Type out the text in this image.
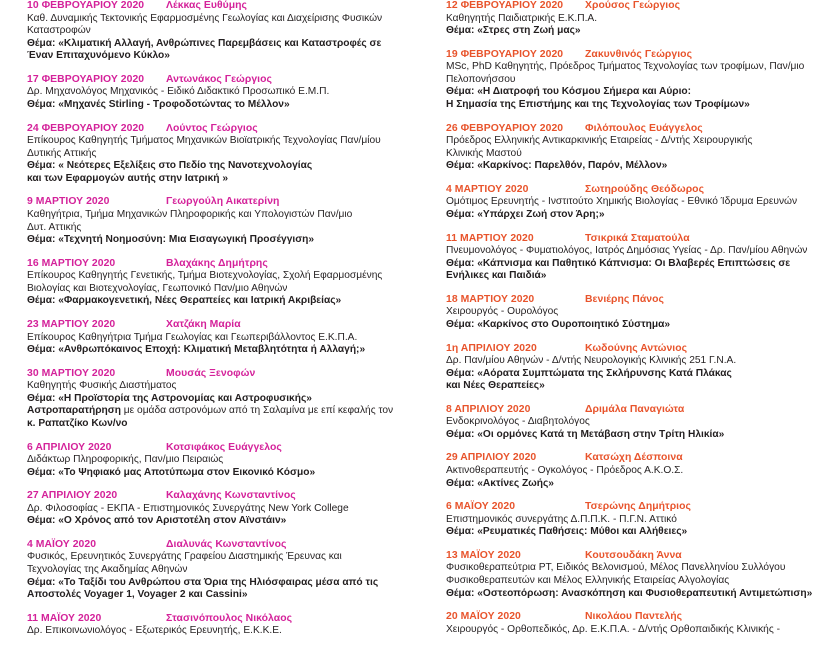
10 ΦΕΒΡΟΥΑΡΙΟΥ 2020	Λέκκας Ευθύμης
Καθ. Δυναμικής Τεκτονικής Εφαρμοσμένης Γεωλογίας και Διαχείρισης Φυσικών
Καταστροφών
Θέμα: «Κλιματική Αλλαγή, Ανθρώπινες Παρεμβάσεις και Καταστροφές σε
Έναν Επιταχυνόμενο Κύκλο»
17 ΦΕΒΡΟΥΑΡΙΟΥ 2020	Αντωνάκος Γεώργιος
Δρ. Μηχανολόγος Μηχανικός - Ειδικό Διδακτικό Προσωπικό Ε.Μ.Π.
Θέμα: «Μηχανές Stirling - Τροφοδοτώντας το Μέλλον»
24 ΦΕΒΡΟΥΑΡΙΟΥ 2020	Λούντος Γεώργιος
Επίκουρος Καθηγητής Τμήματος Μηχανικών Βιοϊατρικής Τεχνολογίας Παν/μίου
Δυτικής Αττικής
Θέμα: « Νεότερες Εξελίξεις στο Πεδίο της Νανοτεχνολογίας
και των Εφαρμογών αυτής στην Ιατρική »
9 ΜΑΡΤΙΟΥ 2020	Γεωργούλη Αικατερίνη
Καθηγήτρια, Τμήμα Μηχανικών Πληροφορικής και Υπολογιστών Παν/μιο
Δυτ. Αττικής
Θέμα: «Τεχνητή Νοημοσύνη: Μια Εισαγωγική Προσέγγιση»
16 ΜΑΡΤΙΟΥ 2020	Βλαχάκης Δημήτρης
Επίκουρος Καθηγητής Γενετικής, Τμήμα Βιοτεχνολογίας, Σχολή Εφαρμοσμένης
Βιολογίας και Βιοτεχνολογίας, Γεωπονικό Παν/μιο Αθηνών
Θέμα: «Φαρμακογενετική, Νέες Θεραπείες και Ιατρική Ακριβείας»
23 ΜΑΡΤΙΟΥ 2020	Χατζάκη Μαρία
Επίκουρος Καθηγήτρια Τμήμα Γεωλογίας και Γεωπεριβάλλοντος Ε.Κ.Π.Α.
Θέμα: «Ανθρωπόκαινος Εποχή: Κλιματική Μεταβλητότητα ή Αλλαγή;»
30 ΜΑΡΤΙΟΥ 2020	Μουσάς Ξενοφών
Καθηγητής Φυσικής Διαστήματος
Θέμα: «Η Προϊστορία της Αστρονομίας και Αστροφυσικής»
Αστροπαρατήρηση με ομάδα αστρονόμων από τη Σαλαμίνα με επί κεφαλής τον
κ. Ραπατζίκο Κων/νο
6 ΑΠΡΙΛΙΟΥ 2020	Κοτσιφάκος Ευάγγελος
Διδάκτωρ Πληροφορικής, Παν/μιο Πειραιώς
Θέμα: «Το Ψηφιακό μας Αποτύπωμα στον Εικονικό Κόσμο»
27 ΑΠΡΙΛΙΟΥ 2020	Καλαχάνης Κωνσταντίνος
Δρ. Φιλοσοφίας - ΕΚΠΑ - Επιστημονικός Συνεργάτης New York College
Θέμα: «Ο Χρόνος από τον Αριστοτέλη στον Αϊνστάιν»
4 ΜΑΪΟΥ 2020	Διαλυνάς Κωνσταντίνος
Φυσικός, Ερευνητικός Συνεργάτης Γραφείου Διαστημικής Έρευνας και
Τεχνολογίας της Ακαδημίας Αθηνών
Θέμα: «Το Ταξίδι του Ανθρώπου στα Όρια της Ηλιόσφαιρας μέσα από τις
Αποστολές Voyager 1, Voyager 2 και Cassini»
11 ΜΑΪΟΥ 2020	Στασινόπουλος Νικόλαος
Δρ. Επικοινωνιολόγος - Εξωτερικός Ερευνητής, Ε.Κ.Κ.Ε.
12 ΦΕΒΡΟΥΑΡΙΟΥ 2020	Χρούσος Γεώργιος
Καθηγητής Παιδιατρικής Ε.Κ.Π.Α.
Θέμα: «Στρες στη Ζωή μας»
19 ΦΕΒΡΟΥΑΡΙΟΥ 2020	Ζακυνθινός Γεώργιος
MSc, PhD Καθηγητής, Πρόεδρος Τμήματος Τεχνολογίας των τροφίμων, Παν/μιο
Πελοπονήσσου
Θέμα: «Η Διατροφή του Κόσμου Σήμερα και Αύριο:
Η Σημασία της Επιστήμης και της Τεχνολογίας των Τροφίμων»
26 ΦΕΒΡΟΥΑΡΙΟΥ 2020	Φιλόπουλος Ευάγγελος
Πρόεδρος Ελληνικής Αντικαρκινικής Εταιρείας - Δ/ντής Χειρουργικής
Κλινικής Μαστού
Θέμα: «Καρκίνος: Παρελθόν, Παρόν, Μέλλον»
4 ΜΑΡΤΙΟΥ 2020	Σωτηρούδης Θεόδωρος
Ομότιμος Ερευνητής - Ινστιτούτο Χημικής Βιολογίας - Εθνικό Ίδρυμα Ερευνών
Θέμα: «Υπάρχει Ζωή στον Άρη;»
11 ΜΑΡΤΙΟΥ 2020	Τσικρικά Σταματούλα
Πνευμονολόγος - Φυματιολόγος, Ιατρός Δημόσιας Υγείας - Δρ. Παν/μίου Αθηνών
Θέμα: «Κάπνισμα και Παθητικό Κάπνισμα: Οι Βλαβερές Επιπτώσεις σε
Ενήλικες και Παιδιά»
18 ΜΑΡΤΙΟΥ 2020	Βενιέρης Πάνος
Χειρουργός - Ουρολόγος
Θέμα: «Καρκίνος στο Ουροποιητικό Σύστημα»
1η ΑΠΡΙΛΙΟΥ 2020	Κωδούνης Αντώνιος
Δρ. Παν/μίου Αθηνών - Δ/ντής Νευρολογικής Κλινικής 251 Γ.Ν.Α.
Θέμα: «Αόρατα Συμπτώματα της Σκλήρυνσης Κατά Πλάκας
και Νέες Θεραπείες»
8 ΑΠΡΙΛΙΟΥ 2020	Δριμάλα Παναγιώτα
Ενδοκρινολόγος - Διαβητολόγος
Θέμα: «Οι ορμόνες Κατά τη Μετάβαση στην Τρίτη Ηλικία»
29 ΑΠΡΙΛΙΟΥ 2020	Κατσώχη Δέσποινα
Ακτινοθεραπευτής - Ογκολόγος - Πρόεδρος Α.Κ.Ο.Σ.
Θέμα: «Ακτίνες Ζωής»
6 ΜΑΪΟΥ 2020	Τσερώνης Δημήτριος
Επιστημονικός συνεργάτης Δ.Π.Π.Κ. - Π.Γ.Ν. Αττικό
Θέμα: «Ρευματικές Παθήσεις: Μύθοι και Αλήθειες»
13 ΜΑΪΟΥ 2020	Κουτσουδάκη Άννα
Φυσικοθεραπεύτρια PT, Ειδικός Βελονισμού, Μέλος Πανελληνίου Συλλόγου
Φυσικοθεραπευτών και Μέλος Ελληνικής Εταιρείας Αλγολογίας
Θέμα: «Οστεοπόρωση: Ανασκόπηση και Φυσιοθεραπευτική Αντιμετώπιση»
20 ΜΑΪΟΥ 2020	Νικολάου Παντελής
Χειρουργός - Ορθοπεδικός, Δρ. Ε.Κ.Π.Α. - Δ/ντής Ορθοπαιδικής Κλινικής -
